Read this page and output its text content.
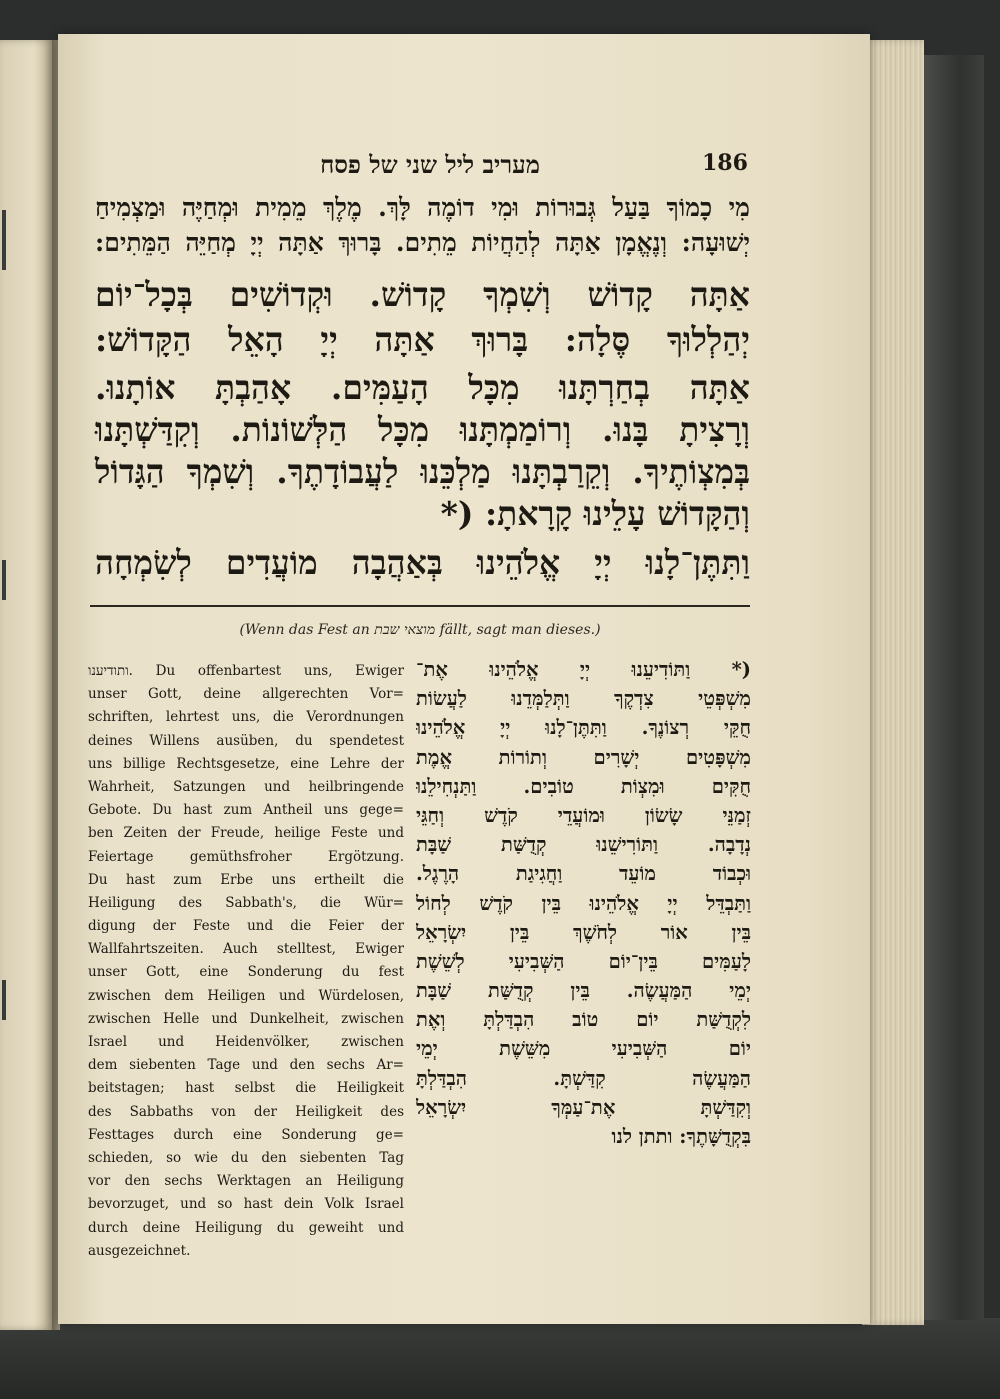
מעריב ליל שני של פסח	186
מִי כָמוֹךָ בַּעַל גְּבוּרוֹת וּמִי דוֹמֶה לָּךְ. מֶלֶךְ מֵמִית וּמְחַיֶּה וּמַצְמִיחַ
יְשׁוּעָה: וְנֶאֱמָן אַתָּה לְהַחֲיוֹת מֵתִים. בָּרוּךְ אַתָּה יְיָ מְחַיֵּה הַמֵּתִים:
אַתָּה קָדוֹשׁ וְשִׁמְךָ קָדוֹשׁ. וּקְדוֹשִׁים בְּכָל־יוֹם
יְהַלְלוּךָ סֶּלָה: בָּרוּךְ אַתָּה יְיָ הָאֵל הַקָּדוֹשׁ:
אַתָּה בְחַרְתָּנוּ מִכָּל הָעַמִּים. אָהַבְתָּ אוֹתָנוּ.
וְרָצִיתָ בָּנוּ. וְרוֹמַמְתָּנוּ מִכָּל הַלְּשׁוֹנוֹת. וְקִדַּשְׁתָּנוּ
בְּמִצְוֹתֶיךָ. וְקֵרַבְתָּנוּ מַלְכֵּנוּ לַעֲבוֹדָתֶךָ. וְשִׁמְךָ הַגָּדוֹל
וְהַקָּדוֹשׁ עָלֵינוּ קָרָאתָ: (*
וַתִּתֶּן־לָנוּ יְיָ אֱלֹהֵינוּ בְּאַהֲבָה מוֹעֲדִים לְשִׂמְחָה
(Wenn das Fest an מוצאי שבת fällt, sagt man dieses.)
ותודיענו. Du offenbartest uns, Ewiger
unser Gott, deine allgerechten Vor=
schriften, lehrtest uns, die Verordnungen
deines Willens ausüben, du spendetest
uns billige Rechtsgesetze, eine Lehre der
Wahrheit, Satzungen und heilbringende
Gebote. Du hast zum Antheil uns gege=
ben Zeiten der Freude, heilige Feste und
Feiertage gemüthsfroher Ergötzung.
Du hast zum Erbe uns ertheilt die
Heiligung des Sabbath's, die Wür=
digung der Feste und die Feier der
Wallfahrtszeiten. Auch stelltest, Ewiger
unser Gott, eine Sonderung du fest
zwischen dem Heiligen und Würdelosen,
zwischen Helle und Dunkelheit, zwischen
Israel und Heidenvölker, zwischen
dem siebenten Tage und den sechs Ar=
beitstagen; hast selbst die Heiligkeit
des Sabbaths von der Heiligkeit des
Festtages durch eine Sonderung ge=
schieden, so wie du den siebenten Tag
vor den sechs Werktagen an Heiligung
bevorzuget, und so hast dein Volk Israel
durch deine Heiligung du geweiht und
ausgezeichnet.
(* וַתּוֹדִיעֵנוּ יְיָ אֱלֹהֵינוּ אֶת־
מִשְׁפְּטֵי צִדְקֶךָ וַתְּלַמְּדֵנוּ לַעֲשׂוֹת
חֻקֵּי רְצוֹנֶךָ. וַתִּתֶּן־לָנוּ יְיָ אֱלֹהֵינוּ
מִשְׁפָּטִים יְשָׁרִים וְתוֹרוֹת אֱמֶת
חֻקִּים וּמִצְוֹת טוֹבִים. וַתַּנְחִילֵנוּ
זְמַנֵּי שָׂשׂוֹן וּמוֹעֲדֵי קֹדֶשׁ וְחַגֵּי
נְדָבָה. וַתּוֹרִישֵׁנוּ קְדֻשַּׁת שַׁבָּת
וּכְבוֹד מוֹעֵד וַחֲגִיגַת הָרֶגֶל.
וַתַּבְדֵּל יְיָ אֱלֹהֵינוּ בֵּין קֹדֶשׁ לְחוֹל
בֵּין אוֹר לְחֹשֶׁךְ בֵּין יִשְׂרָאֵל
לָעַמִּים בֵּין־יוֹם הַשְּׁבִיעִי לְשֵׁשֶׁת
יְמֵי הַמַּעֲשֶׂה. בֵּין קְדֻשַּׁת שַׁבָּת
לִקְדֻשַּׁת יוֹם טוֹב הִבְדַּלְתָּ וְאֶת
יוֹם הַשְּׁבִיעִי מִשֵּׁשֶׁת יְמֵי
הַמַּעֲשֶׂה קִדַּשְׁתָּ. הִבְדַּלְתָּ
וְקִדַּשְׁתָּ אֶת־עַמְּךָ יִשְׂרָאֵל
בִּקְדֻשָּׁתֶךָ: ותתן לנו
